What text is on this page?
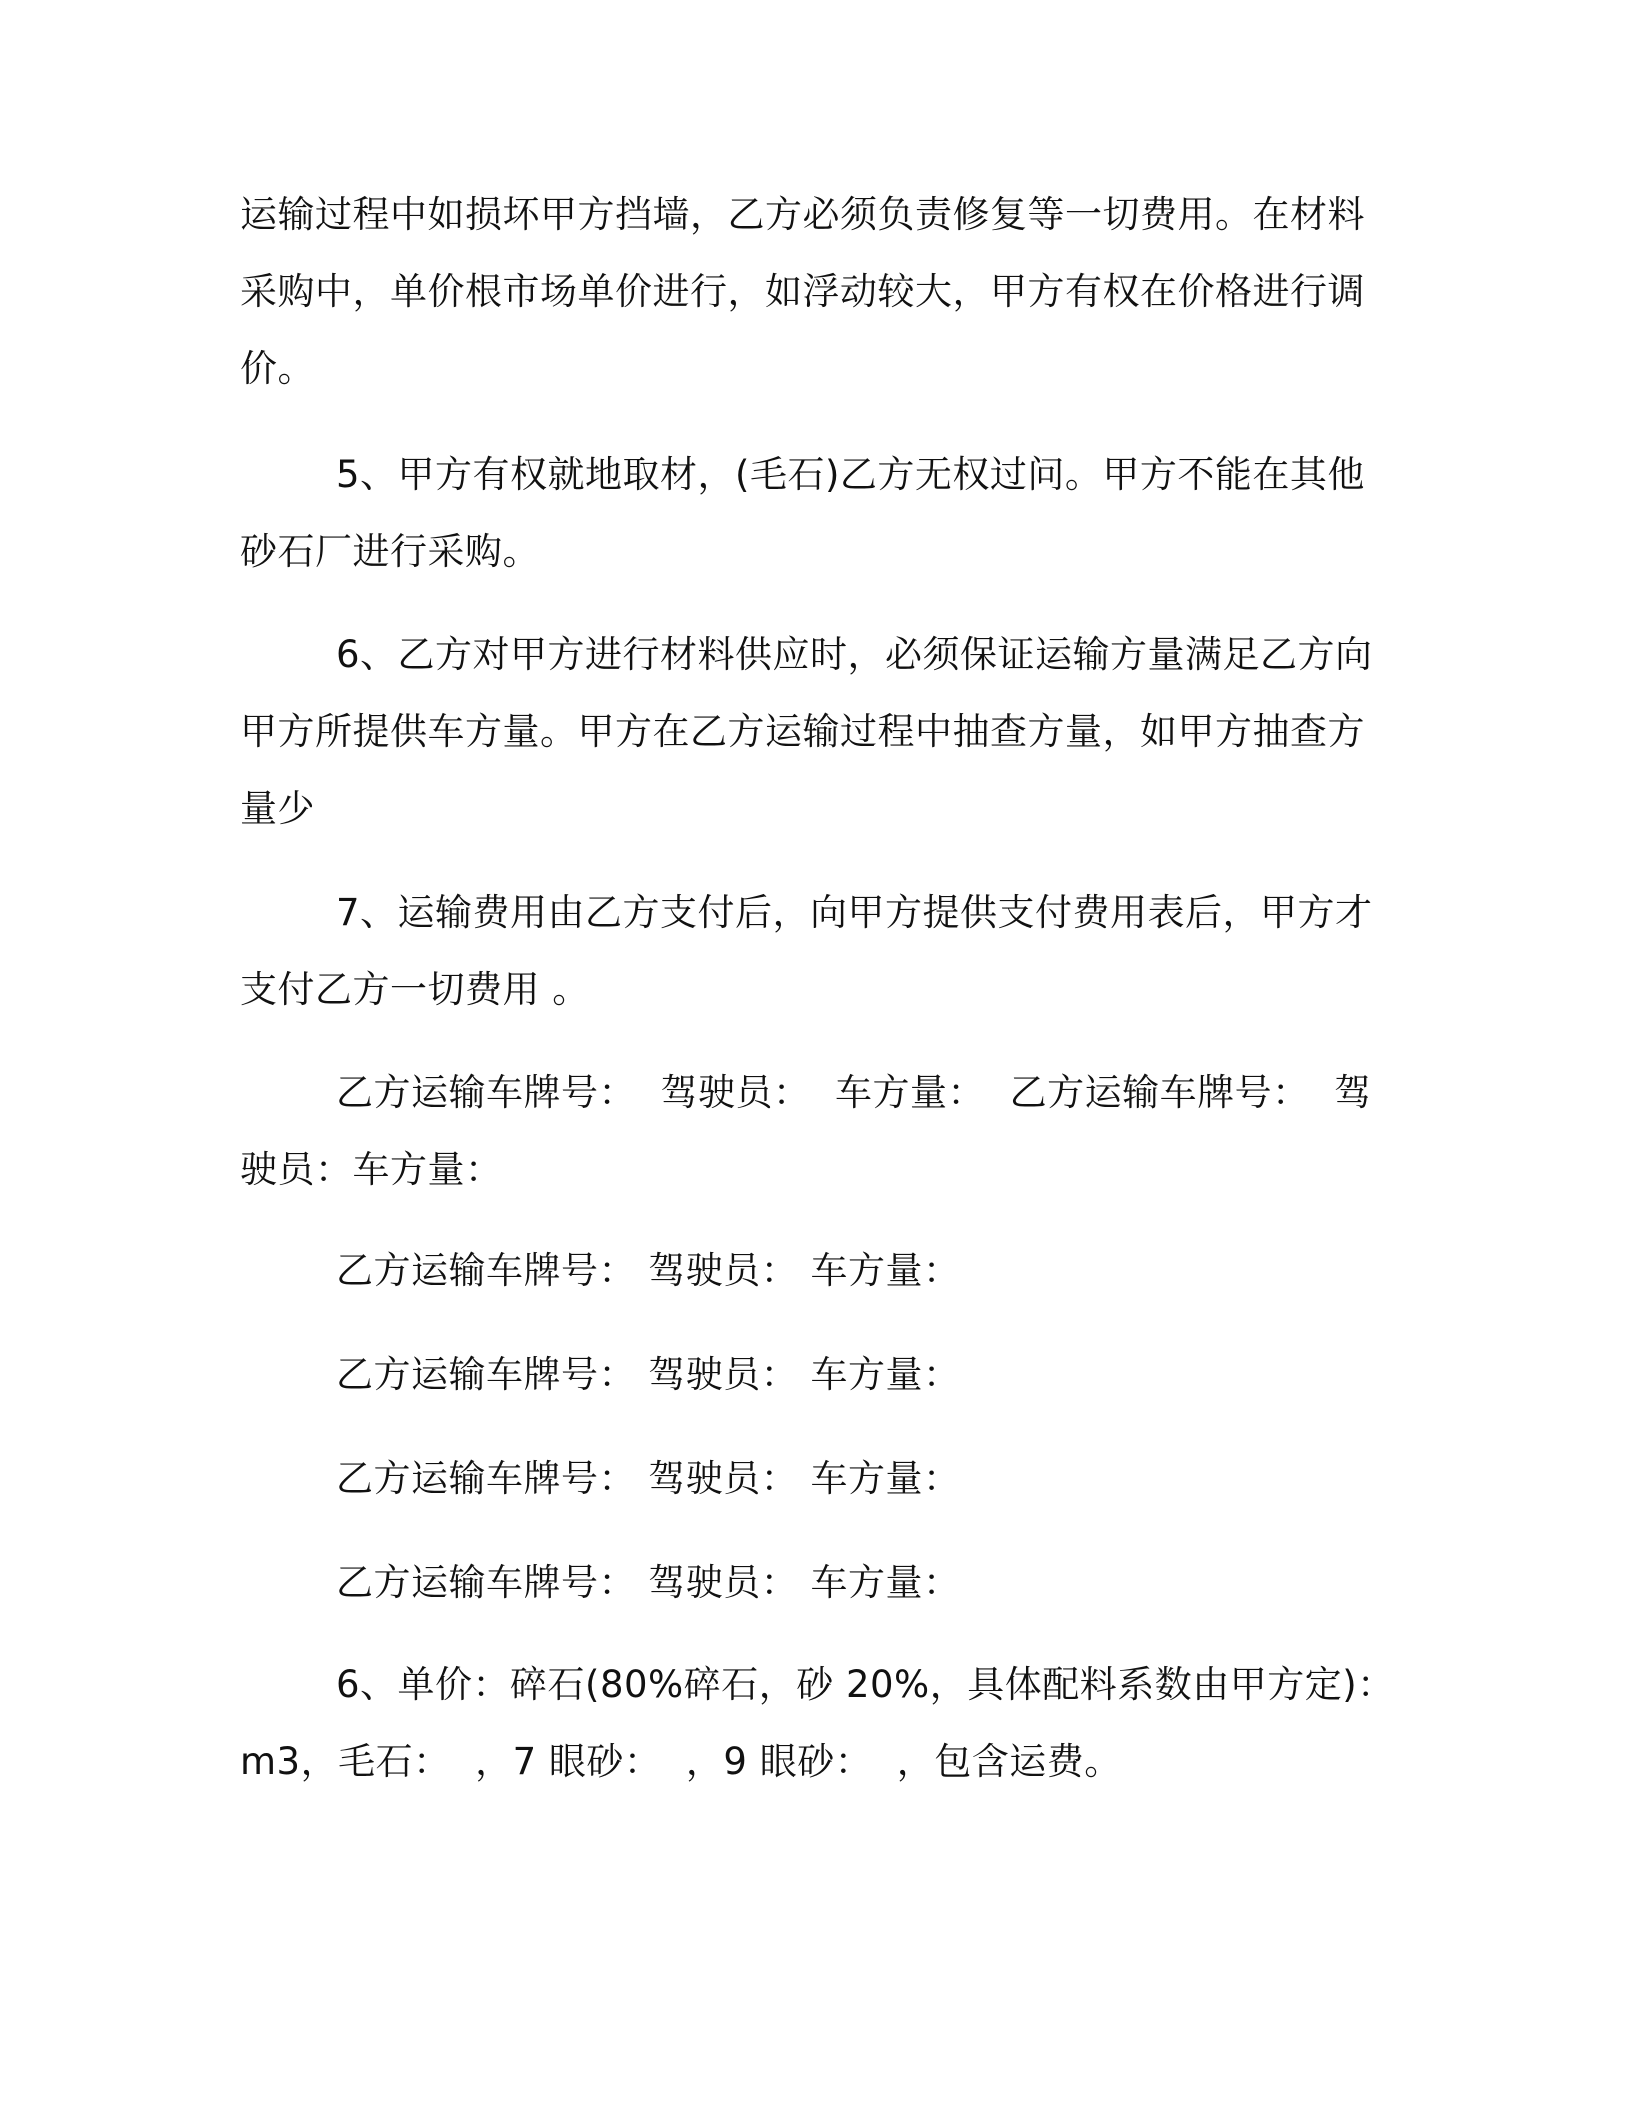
运输过程中如损坏甲方挡墙，乙方必须负责修复等一切费用。在材料采购中，单价根市场单价进行，如浮动较大，甲方有权在价格进行调价。

5、甲方有权就地取材，(毛石)乙方无权过问。甲方不能在其他砂石厂进行采购。

6、乙方对甲方进行材料供应时，必须保证运输方量满足乙方向甲方所提供车方量。甲方在乙方运输过程中抽查方量，如甲方抽查方量少

7、运输费用由乙方支付后，向甲方提供支付费用表后，甲方才支付乙方一切费用 。

乙方运输车牌号：  驾驶员：  车方量：  乙方运输车牌号：  驾驶员：车方量：

乙方运输车牌号： 驾驶员： 车方量：

乙方运输车牌号： 驾驶员： 车方量：

乙方运输车牌号： 驾驶员： 车方量：

乙方运输车牌号： 驾驶员： 车方量：

6、单价：碎石(80%碎石，砂 20%，具体配料系数由甲方定)：m3，毛石：  ，7 眼砂：  ，9 眼砂：  ，包含运费。
